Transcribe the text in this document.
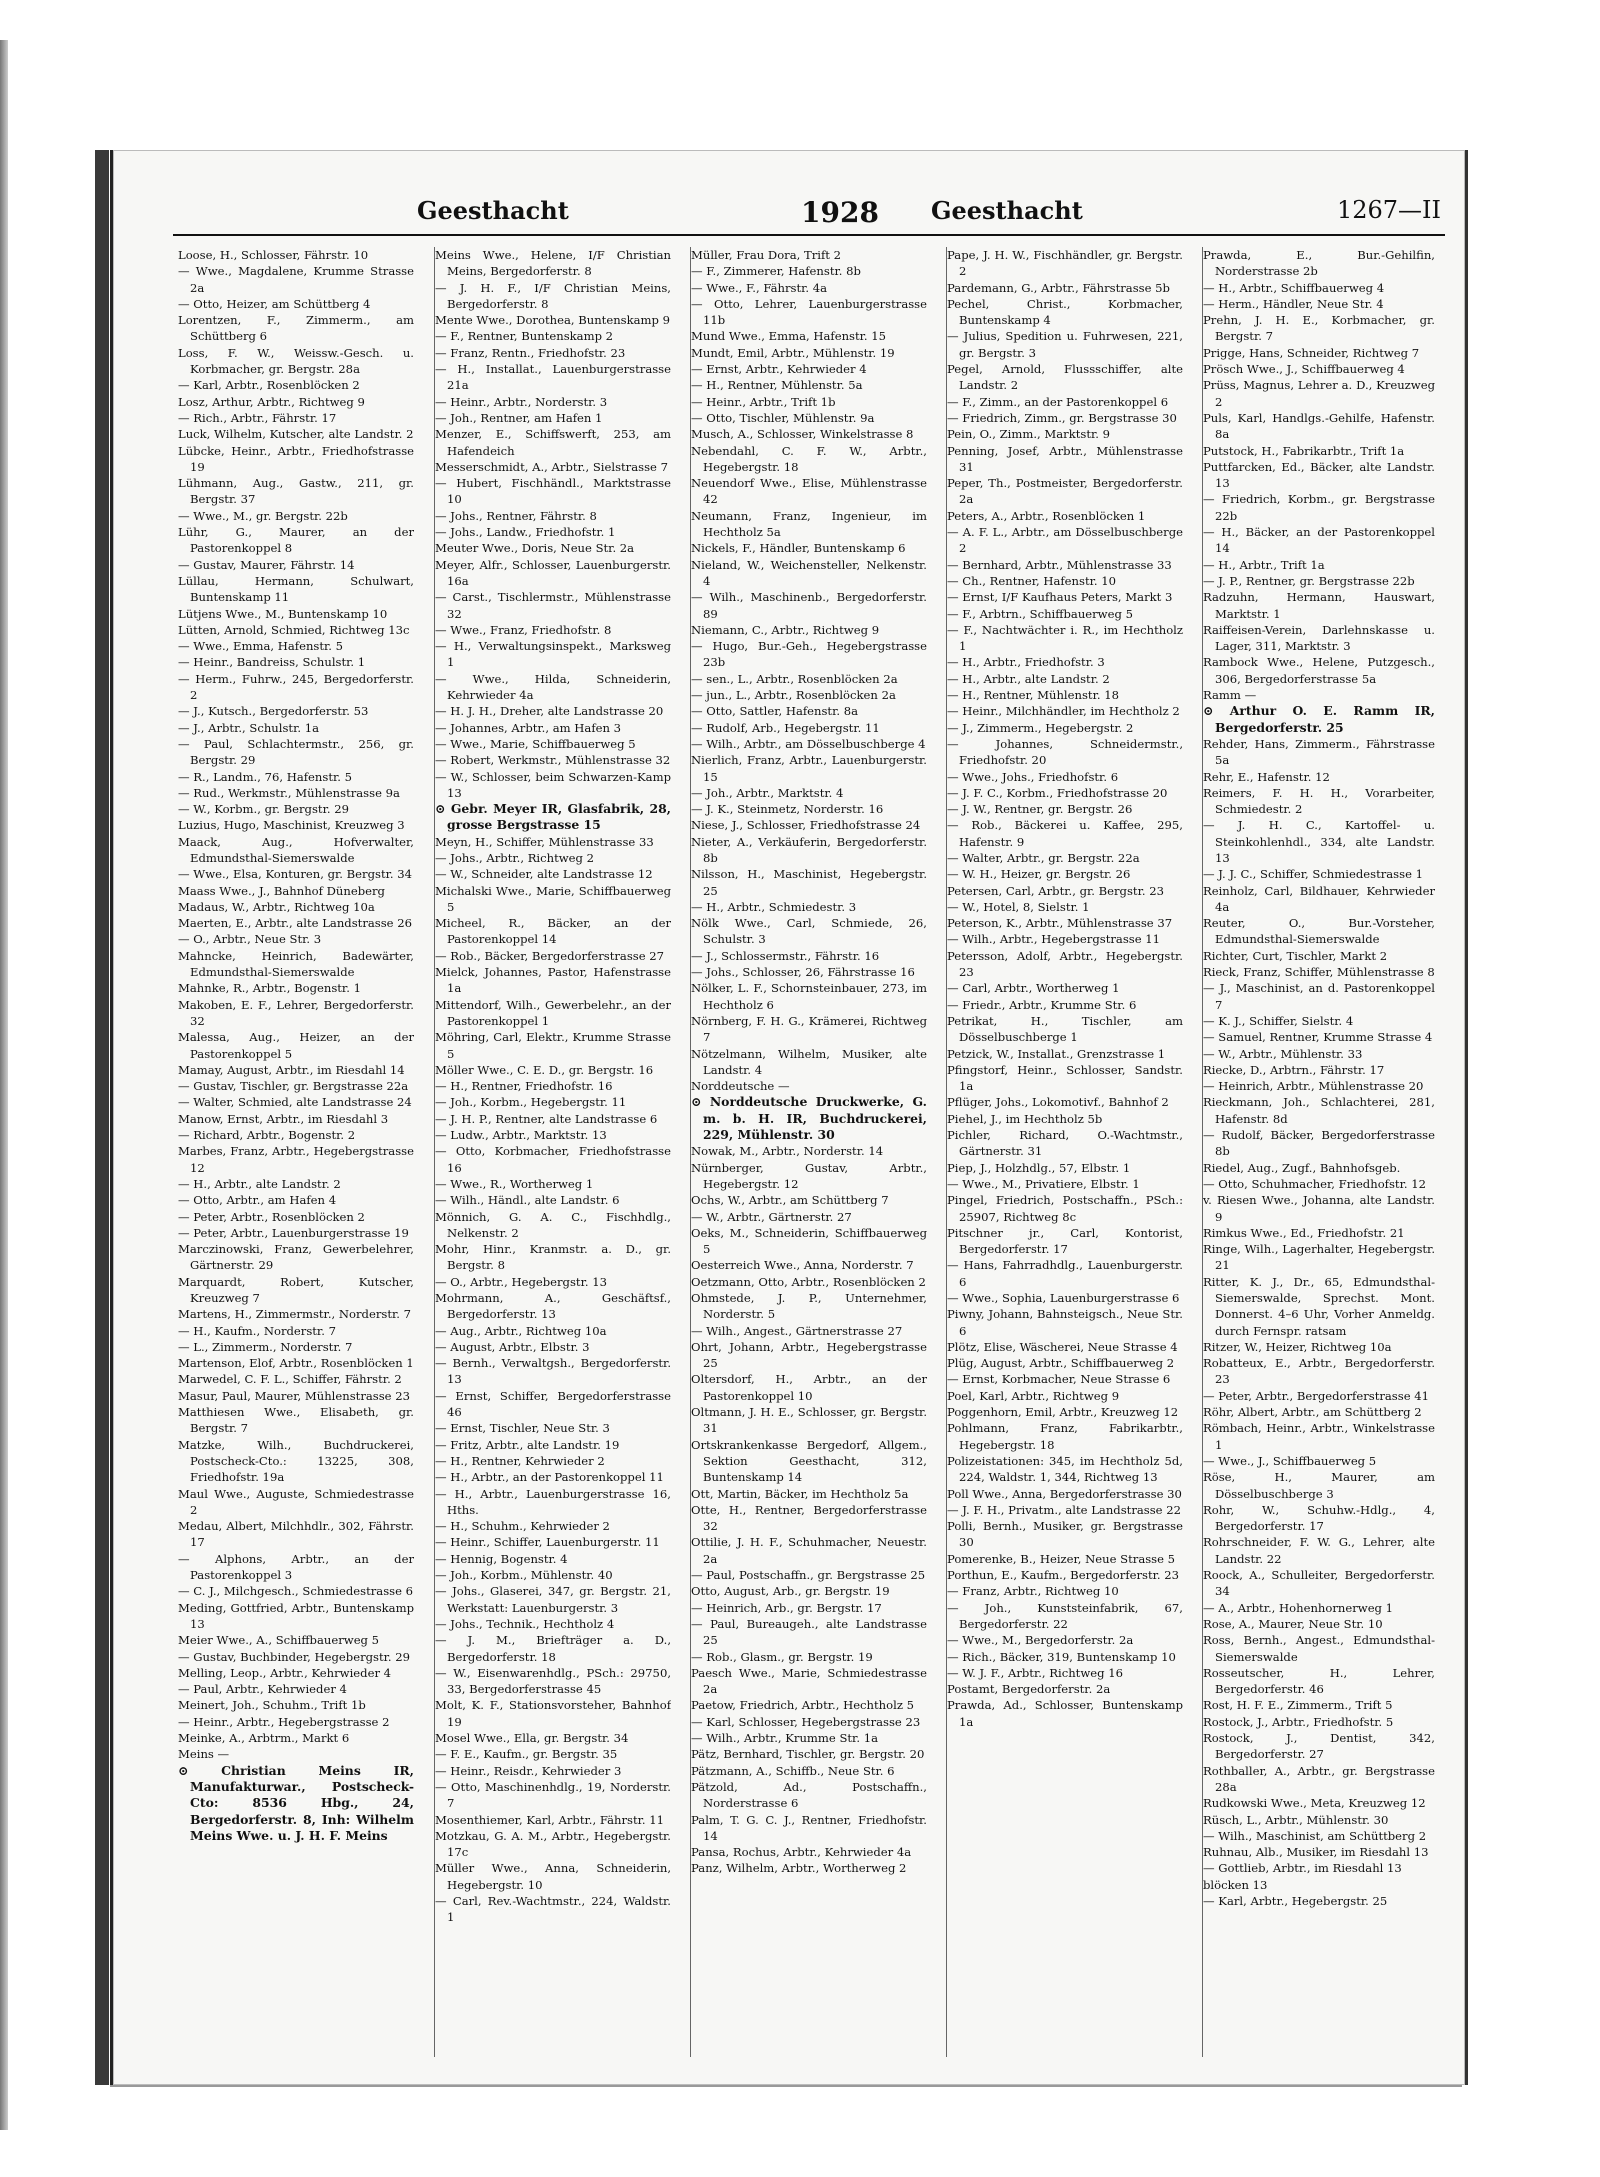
Geesthacht	1928 Geesthacht	1267—II
Loose, H., Schlosser, Fährstr. 10
— Wwe., Magdalene, Krumme Strasse 2a
— Otto, Heizer, am Schüttberg 4
Lorentzen, F., Zimmerm., am Schüttberg 6
Loss, F. W., Weissw.-Gesch. u. Korbmacher, gr. Bergstr. 28a
— Karl, Arbtr., Rosenblöcken 2
Losz, Arthur, Arbtr., Richtweg 9
— Rich., Arbtr., Fährstr. 17
Luck, Wilhelm, Kutscher, alte Landstr. 2
Lübcke, Heinr., Arbtr., Friedhofstrasse 19
Lühmann, Aug., Gastw., 211, gr. Bergstr. 37
— Wwe., M., gr. Bergstr. 22b
Lühr, G., Maurer, an der Pastorenkoppel 8
— Gustav, Maurer, Fährstr. 14
Lüllau, Hermann, Schulwart, Buntenskamp 11
Lütjens Wwe., M., Buntenskamp 10
Lütten, Arnold, Schmied, Richtweg 13c
— Wwe., Emma, Hafenstr. 5
— Heinr., Bandreiss, Schulstr. 1
— Herm., Fuhrw., 245, Bergedorferstr. 2
— J., Kutsch., Bergedorferstr. 53
— J., Arbtr., Schulstr. 1a
— Paul, Schlachtermstr., 256, gr. Bergstr. 29
— R., Landm., 76, Hafenstr. 5
— Rud., Werkmstr., Mühlenstrasse 9a
— W., Korbm., gr. Bergstr. 29
Luzius, Hugo, Maschinist, Kreuzweg 3
Maack, Aug., Hofverwalter, Edmundsthal-Siemerswalde
— Wwe., Elsa, Konturen, gr. Bergstr. 34
Maass Wwe., J., Bahnhof Düneberg
Madaus, W., Arbtr., Richtweg 10a
Maerten, E., Arbtr., alte Landstrasse 26
— O., Arbtr., Neue Str. 3
Mahncke, Heinrich, Badewärter, Edmundsthal-Siemerswalde
Mahnke, R., Arbtr., Bogenstr. 1
Makoben, E. F., Lehrer, Bergedorferstr. 32
Malessa, Aug., Heizer, an der Pastorenkoppel 5
Mamay, August, Arbtr., im Riesdahl 14
— Gustav, Tischler, gr. Bergstrasse 22a
— Walter, Schmied, alte Landstrasse 24
Manow, Ernst, Arbtr., im Riesdahl 3
— Richard, Arbtr., Bogenstr. 2
Marbes, Franz, Arbtr., Hegebergstrasse 12
— H., Arbtr., alte Landstr. 2
— Otto, Arbtr., am Hafen 4
— Peter, Arbtr., Rosenblöcken 2
— Peter, Arbtr., Lauenburgerstrasse 19
Marczinowski, Franz, Gewerbelehrer, Gärtnerstr. 29
Marquardt, Robert, Kutscher, Kreuzweg 7
Martens, H., Zimmermstr., Norderstr. 7
— H., Kaufm., Norderstr. 7
— L., Zimmerm., Norderstr. 7
Martenson, Elof, Arbtr., Rosenblöcken 1
Marwedel, C. F. L., Schiffer, Fährstr. 2
Masur, Paul, Maurer, Mühlenstrasse 23
Matthiesen Wwe., Elisabeth, gr. Bergstr. 7
Matzke, Wilh., Buchdruckerei, Postscheck-Cto.: 13225, 308, Friedhofstr. 19a
Maul Wwe., Auguste, Schmiedestrasse 2
Medau, Albert, Milchhdlr., 302, Fährstr. 17
— Alphons, Arbtr., an der Pastorenkoppel 3
— C. J., Milchgesch., Schmiedestrasse 6
Meding, Gottfried, Arbtr., Buntenskamp 13
Meier Wwe., A., Schiffbauerweg 5
— Gustav, Buchbinder, Hegebergstr. 29
Melling, Leop., Arbtr., Kehrwieder 4
— Paul, Arbtr., Kehrwieder 4
Meinert, Joh., Schuhm., Trift 1b
— Heinr., Arbtr., Hegebergstrasse 2
Meinke, A., Arbtrm., Markt 6
Meins —
⊙ Christian Meins IR, Manufakturwar., Postscheck-Cto: 8536 Hbg., 24, Bergedorferstr. 8, Inh: Wilhelm Meins Wwe. u. J. H. F. Meins
Meins Wwe., Helene, I/F Christian Meins, Bergedorferstr. 8
— J. H. F., I/F Christian Meins, Bergedorferstr. 8
Mente Wwe., Dorothea, Buntenskamp 9
— F., Rentner, Buntenskamp 2
— Franz, Rentn., Friedhofstr. 23
— H., Installat., Lauenburgerstrasse 21a
— Heinr., Arbtr., Norderstr. 3
— Joh., Rentner, am Hafen 1
Menzer, E., Schiffswerft, 253, am Hafendeich
Messerschmidt, A., Arbtr., Sielstrasse 7
— Hubert, Fischhändl., Marktstrasse 10
— Johs., Rentner, Fährstr. 8
— Johs., Landw., Friedhofstr. 1
Meuter Wwe., Doris, Neue Str. 2a
Meyer, Alfr., Schlosser, Lauenburgerstr. 16a
— Carst., Tischlermstr., Mühlenstrasse 32
— Wwe., Franz, Friedhofstr. 8
— H., Verwaltungsinspekt., Marksweg 1
— Wwe., Hilda, Schneiderin, Kehrwieder 4a
— H. J. H., Dreher, alte Landstrasse 20
— Johannes, Arbtr., am Hafen 3
— Wwe., Marie, Schiffbauerweg 5
— Robert, Werkmstr., Mühlenstrasse 32
— W., Schlosser, beim Schwarzen-Kamp 13
⊙ Gebr. Meyer IR, Glasfabrik, 28, grosse Bergstrasse 15
Meyn, H., Schiffer, Mühlenstrasse 33
— Johs., Arbtr., Richtweg 2
— W., Schneider, alte Landstrasse 12
Michalski Wwe., Marie, Schiffbauerweg 5
Micheel, R., Bäcker, an der Pastorenkoppel 14
— Rob., Bäcker, Bergedorferstrasse 27
Mielck, Johannes, Pastor, Hafenstrasse 1a
Mittendorf, Wilh., Gewerbelehr., an der Pastorenkoppel 1
Möhring, Carl, Elektr., Krumme Strasse 5
Möller Wwe., C. E. D., gr. Bergstr. 16
— H., Rentner, Friedhofstr. 16
— Joh., Korbm., Hegebergstr. 11
— J. H. P., Rentner, alte Landstrasse 6
— Ludw., Arbtr., Marktstr. 13
— Otto, Korbmacher, Friedhofstrasse 16
— Wwe., R., Wortherweg 1
— Wilh., Händl., alte Landstr. 6
Mönnich, G. A. C., Fischhdlg., Nelkenstr. 2
Mohr, Hinr., Kranmstr. a. D., gr. Bergstr. 8
— O., Arbtr., Hegebergstr. 13
Mohrmann, A., Geschäftsf., Bergedorferstr. 13
— Aug., Arbtr., Richtweg 10a
— August, Arbtr., Elbstr. 3
— Bernh., Verwaltgsh., Bergedorferstr. 13
— Ernst, Schiffer, Bergedorferstrasse 46
— Ernst, Tischler, Neue Str. 3
— Fritz, Arbtr., alte Landstr. 19
— H., Rentner, Kehrwieder 2
— H., Arbtr., an der Pastorenkoppel 11
— H., Arbtr., Lauenburgerstrasse 16, Hths.
— H., Schuhm., Kehrwieder 2
— Heinr., Schiffer, Lauenburgerstr. 11
— Hennig, Bogenstr. 4
— Joh., Korbm., Mühlenstr. 40
— Johs., Glaserei, 347, gr. Bergstr. 21, Werkstatt: Lauenburgerstr. 3
— Johs., Technik., Hechtholz 4
— J. M., Briefträger a. D., Bergedorferstr. 18
— W., Eisenwarenhdlg., PSch.: 29750, 33, Bergedorferstrasse 45
Molt, K. F., Stationsvorsteher, Bahnhof 19
Mosel Wwe., Ella, gr. Bergstr. 34
— F. E., Kaufm., gr. Bergstr. 35
— Heinr., Reisdr., Kehrwieder 3
— Otto, Maschinenhdlg., 19, Norderstr. 7
Mosenthiemer, Karl, Arbtr., Fährstr. 11
Motzkau, G. A. M., Arbtr., Hegebergstr. 17c
Müller Wwe., Anna, Schneiderin, Hegebergstr. 10
— Carl, Rev.-Wachtmstr., 224, Waldstr. 1
Müller, Frau Dora, Trift 2
— F., Zimmerer, Hafenstr. 8b
— Wwe., F., Fährstr. 4a
— Otto, Lehrer, Lauenburgerstrasse 11b
Mund Wwe., Emma, Hafenstr. 15
Mundt, Emil, Arbtr., Mühlenstr. 19
— Ernst, Arbtr., Kehrwieder 4
— H., Rentner, Mühlenstr. 5a
— Heinr., Arbtr., Trift 1b
— Otto, Tischler, Mühlenstr. 9a
Musch, A., Schlosser, Winkelstrasse 8
Nebendahl, C. F. W., Arbtr., Hegebergstr. 18
Neuendorf Wwe., Elise, Mühlenstrasse 42
Neumann, Franz, Ingenieur, im Hechtholz 5a
Nickels, F., Händler, Buntenskamp 6
Nieland, W., Weichensteller, Nelkenstr. 4
— Wilh., Maschinenb., Bergedorferstr. 89
Niemann, C., Arbtr., Richtweg 9
— Hugo, Bur.-Geh., Hegebergstrasse 23b
— sen., L., Arbtr., Rosenblöcken 2a
— jun., L., Arbtr., Rosenblöcken 2a
— Otto, Sattler, Hafenstr. 8a
— Rudolf, Arb., Hegebergstr. 11
— Wilh., Arbtr., am Dösselbuschberge 4
Nierlich, Franz, Arbtr., Lauenburgerstr. 15
— Joh., Arbtr., Marktstr. 4
— J. K., Steinmetz, Norderstr. 16
Niese, J., Schlosser, Friedhofstrasse 24
Nieter, A., Verkäuferin, Bergedorferstr. 8b
Nilsson, H., Maschinist, Hegebergstr. 25
— H., Arbtr., Schmiedestr. 3
Nölk Wwe., Carl, Schmiede, 26, Schulstr. 3
— J., Schlossermstr., Fährstr. 16
— Johs., Schlosser, 26, Fährstrasse 16
Nölker, L. F., Schornsteinbauer, 273, im Hechtholz 6
Nörnberg, F. H. G., Krämerei, Richtweg 7
Nötzelmann, Wilhelm, Musiker, alte Landstr. 4
Norddeutsche —
⊙ Norddeutsche Druckwerke, G. m. b. H. IR, Buchdruckerei, 229, Mühlenstr. 30
Nowak, M., Arbtr., Norderstr. 14
Nürnberger, Gustav, Arbtr., Hegebergstr. 12
Ochs, W., Arbtr., am Schüttberg 7
— W., Arbtr., Gärtnerstr. 27
Oeks, M., Schneiderin, Schiffbauerweg 5
Oesterreich Wwe., Anna, Norderstr. 7
Oetzmann, Otto, Arbtr., Rosenblöcken 2
Ohmstede, J. P., Unternehmer, Norderstr. 5
— Wilh., Angest., Gärtnerstrasse 27
Ohrt, Johann, Arbtr., Hegebergstrasse 25
Oltersdorf, H., Arbtr., an der Pastorenkoppel 10
Oltmann, J. H. E., Schlosser, gr. Bergstr. 31
Ortskrankenkasse Bergedorf, Allgem., Sektion Geesthacht, 312, Buntenskamp 14
Ott, Martin, Bäcker, im Hechtholz 5a
Otte, H., Rentner, Bergedorferstrasse 32
Ottilie, J. H. F., Schuhmacher, Neuestr. 2a
— Paul, Postschaffn., gr. Bergstrasse 25
Otto, August, Arb., gr. Bergstr. 19
— Heinrich, Arb., gr. Bergstr. 17
— Paul, Bureaugeh., alte Landstrasse 25
— Rob., Glasm., gr. Bergstr. 19
Paesch Wwe., Marie, Schmiedestrasse 2a
Paetow, Friedrich, Arbtr., Hechtholz 5
— Karl, Schlosser, Hegebergstrasse 23
— Wilh., Arbtr., Krumme Str. 1a
Pätz, Bernhard, Tischler, gr. Bergstr. 20
Pätzmann, A., Schiffb., Neue Str. 6
Pätzold, Ad., Postschaffn., Norderstrasse 6
Palm, T. G. C. J., Rentner, Friedhofstr. 14
Pansa, Rochus, Arbtr., Kehrwieder 4a
Panz, Wilhelm, Arbtr., Wortherweg 2
Pape, J. H. W., Fischhändler, gr. Bergstr. 2
Pardemann, G., Arbtr., Fährstrasse 5b
Pechel, Christ., Korbmacher, Buntenskamp 4
— Julius, Spedition u. Fuhrwesen, 221, gr. Bergstr. 3
Pegel, Arnold, Flussschiffer, alte Landstr. 2
— F., Zimm., an der Pastorenkoppel 6
— Friedrich, Zimm., gr. Bergstrasse 30
Pein, O., Zimm., Marktstr. 9
Penning, Josef, Arbtr., Mühlenstrasse 31
Peper, Th., Postmeister, Bergedorferstr. 2a
Peters, A., Arbtr., Rosenblöcken 1
— A. F. L., Arbtr., am Dösselbuschberge 2
— Bernhard, Arbtr., Mühlenstrasse 33
— Ch., Rentner, Hafenstr. 10
— Ernst, I/F Kaufhaus Peters, Markt 3
— F., Arbtrn., Schiffbauerweg 5
— F., Nachtwächter i. R., im Hechtholz 1
— H., Arbtr., Friedhofstr. 3
— H., Arbtr., alte Landstr. 2
— H., Rentner, Mühlenstr. 18
— Heinr., Milchhändler, im Hechtholz 2
— J., Zimmerm., Hegebergstr. 2
— Johannes, Schneidermstr., Friedhofstr. 20
— Wwe., Johs., Friedhofstr. 6
— J. F. C., Korbm., Friedhofstrasse 20
— J. W., Rentner, gr. Bergstr. 26
— Rob., Bäckerei u. Kaffee, 295, Hafenstr. 9
— Walter, Arbtr., gr. Bergstr. 22a
— W. H., Heizer, gr. Bergstr. 26
Petersen, Carl, Arbtr., gr. Bergstr. 23
— W., Hotel, 8, Sielstr. 1
Peterson, K., Arbtr., Mühlenstrasse 37
— Wilh., Arbtr., Hegebergstrasse 11
Petersson, Adolf, Arbtr., Hegebergstr. 23
— Carl, Arbtr., Wortherweg 1
— Friedr., Arbtr., Krumme Str. 6
Petrikat, H., Tischler, am Dösselbuschberge 1
Petzick, W., Installat., Grenzstrasse 1
Pfingstorf, Heinr., Schlosser, Sandstr. 1a
Pflüger, Johs., Lokomotivf., Bahnhof 2
Piehel, J., im Hechtholz 5b
Pichler, Richard, O.-Wachtmstr., Gärtnerstr. 31
Piep, J., Holzhdlg., 57, Elbstr. 1
— Wwe., M., Privatiere, Elbstr. 1
Pingel, Friedrich, Postschaffn., PSch.: 25907, Richtweg 8c
Pitschner jr., Carl, Kontorist, Bergedorferstr. 17
— Hans, Fahrradhdlg., Lauenburgerstr. 6
— Wwe., Sophia, Lauenburgerstrasse 6
Piwny, Johann, Bahnsteigsch., Neue Str. 6
Plötz, Elise, Wäscherei, Neue Strasse 4
Plüg, August, Arbtr., Schiffbauerweg 2
— Ernst, Korbmacher, Neue Strasse 6
Poel, Karl, Arbtr., Richtweg 9
Poggenhorn, Emil, Arbtr., Kreuzweg 12
Pohlmann, Franz, Fabrikarbtr., Hegebergstr. 18
Polizeistationen: 345, im Hechtholz 5d, 224, Waldstr. 1, 344, Richtweg 13
Poll Wwe., Anna, Bergedorferstrasse 30
— J. F. H., Privatm., alte Landstrasse 22
Polli, Bernh., Musiker, gr. Bergstrasse 30
Pomerenke, B., Heizer, Neue Strasse 5
Porthun, E., Kaufm., Bergedorferstr. 23
— Franz, Arbtr., Richtweg 10
— Joh., Kunststeinfabrik, 67, Bergedorferstr. 22
— Wwe., M., Bergedorferstr. 2a
— Rich., Bäcker, 319, Buntenskamp 10
— W. J. F., Arbtr., Richtweg 16
Postamt, Bergedorferstr. 2a
Prawda, Ad., Schlosser, Buntenskamp 1a
Prawda, E., Bur.-Gehilfin, Norderstrasse 2b
— H., Arbtr., Schiffbauerweg 4
— Herm., Händler, Neue Str. 4
Prehn, J. H. E., Korbmacher, gr. Bergstr. 7
Prigge, Hans, Schneider, Richtweg 7
Prösch Wwe., J., Schiffbauerweg 4
Prüss, Magnus, Lehrer a. D., Kreuzweg 2
Puls, Karl, Handlgs.-Gehilfe, Hafenstr. 8a
Putstock, H., Fabrikarbtr., Trift 1a
Puttfarcken, Ed., Bäcker, alte Landstr. 13
— Friedrich, Korbm., gr. Bergstrasse 22b
— H., Bäcker, an der Pastorenkoppel 14
— H., Arbtr., Trift 1a
— J. P., Rentner, gr. Bergstrasse 22b
Radzuhn, Hermann, Hauswart, Marktstr. 1
Raiffeisen-Verein, Darlehnskasse u. Lager, 311, Marktstr. 3
Rambock Wwe., Helene, Putzgesch., 306, Bergedorferstrasse 5a
Ramm —
⊙ Arthur O. E. Ramm IR, Bergedorferstr. 25
Rehder, Hans, Zimmerm., Fährstrasse 5a
Rehr, E., Hafenstr. 12
Reimers, F. H. H., Vorarbeiter, Schmiedestr. 2
— J. H. C., Kartoffel- u. Steinkohlenhdl., 334, alte Landstr. 13
— J. J. C., Schiffer, Schmiedestrasse 1
Reinholz, Carl, Bildhauer, Kehrwieder 4a
Reuter, O., Bur.-Vorsteher, Edmundsthal-Siemerswalde
Richter, Curt, Tischler, Markt 2
Rieck, Franz, Schiffer, Mühlenstrasse 8
— J., Maschinist, an d. Pastorenkoppel 7
— K. J., Schiffer, Sielstr. 4
— Samuel, Rentner, Krumme Strasse 4
— W., Arbtr., Mühlenstr. 33
Riecke, D., Arbtrn., Fährstr. 17
— Heinrich, Arbtr., Mühlenstrasse 20
Rieckmann, Joh., Schlachterei, 281, Hafenstr. 8d
— Rudolf, Bäcker, Bergedorferstrasse 8b
Riedel, Aug., Zugf., Bahnhofsgeb.
— Otto, Schuhmacher, Friedhofstr. 12
v. Riesen Wwe., Johanna, alte Landstr. 9
Rimkus Wwe., Ed., Friedhofstr. 21
Ringe, Wilh., Lagerhalter, Hegebergstr. 21
Ritter, K. J., Dr., 65, Edmundsthal-Siemerswalde, Sprechst. Mont. Donnerst. 4–6 Uhr, Vorher Anmeldg. durch Fernspr. ratsam
Ritzer, W., Heizer, Richtweg 10a
Robatteux, E., Arbtr., Bergedorferstr. 23
— Peter, Arbtr., Bergedorferstrasse 41
Röhr, Albert, Arbtr., am Schüttberg 2
Römbach, Heinr., Arbtr., Winkelstrasse 1
— Wwe., J., Schiffbauerweg 5
Röse, H., Maurer, am Dösselbuschberge 3
Rohr, W., Schuhw.-Hdlg., 4, Bergedorferstr. 17
Rohrschneider, F. W. G., Lehrer, alte Landstr. 22
Roock, A., Schulleiter, Bergedorferstr. 34
— A., Arbtr., Hohenhornerweg 1
Rose, A., Maurer, Neue Str. 10
Ross, Bernh., Angest., Edmundsthal-Siemerswalde
Rosseutscher, H., Lehrer, Bergedorferstr. 46
Rost, H. F. E., Zimmerm., Trift 5
Rostock, J., Arbtr., Friedhofstr. 5
Rostock, J., Dentist, 342, Bergedorferstr. 27
Rothballer, A., Arbtr., gr. Bergstrasse 28a
Rudkowski Wwe., Meta, Kreuzweg 12
Rüsch, L., Arbtr., Mühlenstr. 30
— Wilh., Maschinist, am Schüttberg 2
Ruhnau, Alb., Musiker, im Riesdahl 13
— Gottlieb, Arbtr., im Riesdahl 13
blöcken 13
— Karl, Arbtr., Hegebergstr. 25
